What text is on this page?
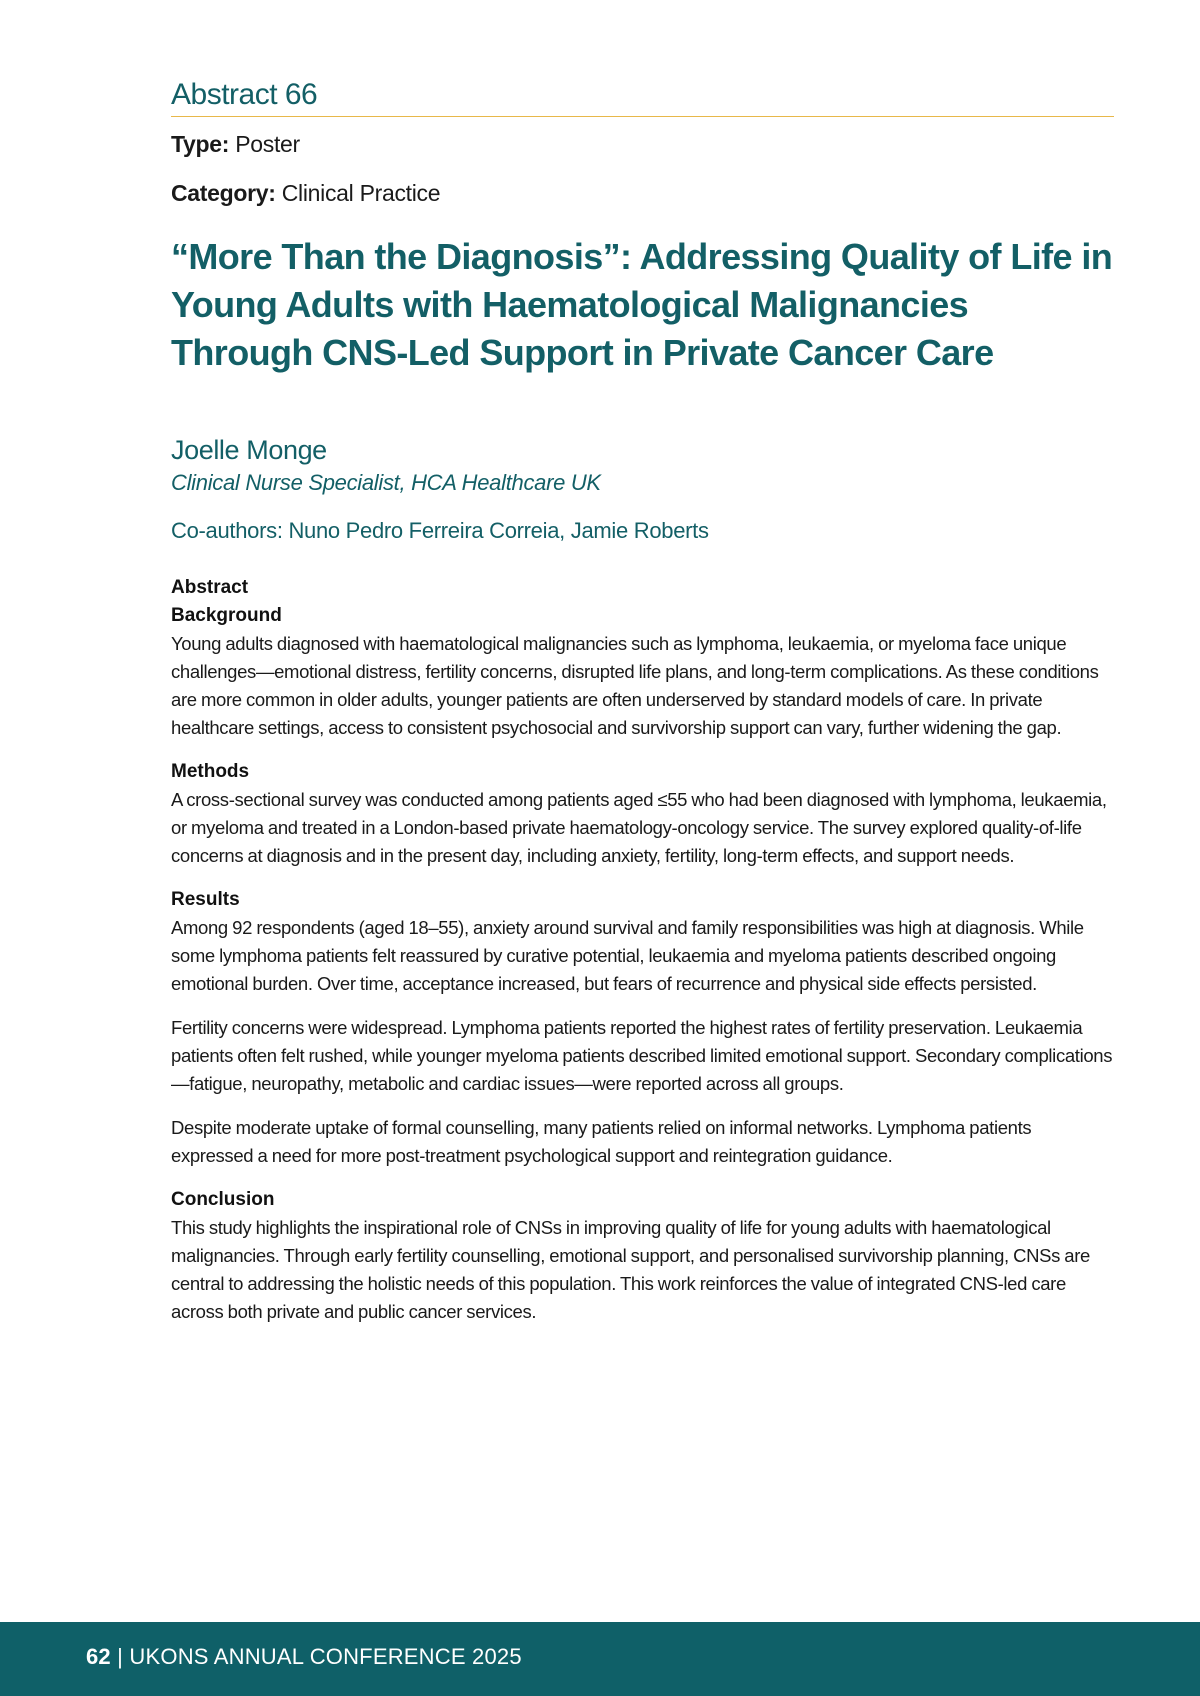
Abstract 66
Type: Poster
Category: Clinical Practice
“More Than the Diagnosis”: Addressing Quality of Life in Young Adults with Haematological Malignancies Through CNS-Led Support in Private Cancer Care
Joelle Monge
Clinical Nurse Specialist, HCA Healthcare UK
Co-authors: Nuno Pedro Ferreira Correia, Jamie Roberts
Abstract
Background
Young adults diagnosed with haematological malignancies such as lymphoma, leukaemia, or myeloma face unique challenges—emotional distress, fertility concerns, disrupted life plans, and long-term complications. As these conditions are more common in older adults, younger patients are often underserved by standard models of care. In private healthcare settings, access to consistent psychosocial and survivorship support can vary, further widening the gap.
Methods
A cross-sectional survey was conducted among patients aged ≤55 who had been diagnosed with lymphoma, leukaemia, or myeloma and treated in a London-based private haematology-oncology service. The survey explored quality-of-life concerns at diagnosis and in the present day, including anxiety, fertility, long-term effects, and support needs.
Results
Among 92 respondents (aged 18–55), anxiety around survival and family responsibilities was high at diagnosis. While some lymphoma patients felt reassured by curative potential, leukaemia and myeloma patients described ongoing emotional burden. Over time, acceptance increased, but fears of recurrence and physical side effects persisted.
Fertility concerns were widespread. Lymphoma patients reported the highest rates of fertility preservation. Leukaemia patients often felt rushed, while younger myeloma patients described limited emotional support. Secondary complications—fatigue, neuropathy, metabolic and cardiac issues—were reported across all groups.
Despite moderate uptake of formal counselling, many patients relied on informal networks. Lymphoma patients expressed a need for more post-treatment psychological support and reintegration guidance.
Conclusion
This study highlights the inspirational role of CNSs in improving quality of life for young adults with haematological malignancies. Through early fertility counselling, emotional support, and personalised survivorship planning, CNSs are central to addressing the holistic needs of this population. This work reinforces the value of integrated CNS-led care across both private and public cancer services.
62 | UKONS ANNUAL CONFERENCE 2025
